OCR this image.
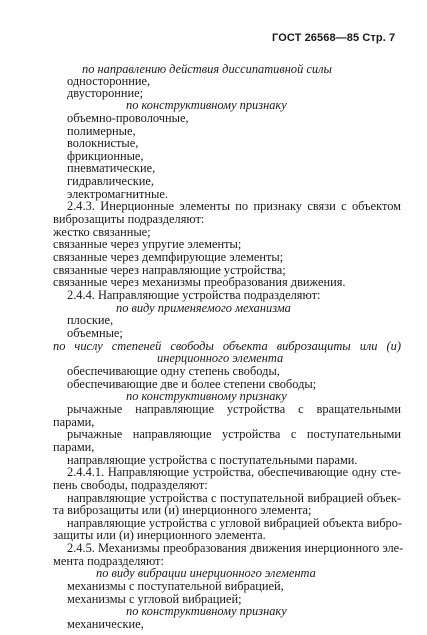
ГОСТ 26568—85 Стр. 7
по направлению действия диссипативной силы
односторонние,
двусторонние;
по конструктивному признаку
объемно-проволочные,
полимерные,
волокнистые,
фрикционные,
пневматические,
гидравлические,
электромагнитные.
2.4.3. Инерционные элементы по признаку связи с объектом
виброзащиты подразделяют:
жестко связанные;
связанные через упругие элементы;
связанные через демпфирующие элементы;
связанные через направляющие устройства;
связанные через механизмы преобразования движения.
2.4.4. Направляющие устройства подразделяют:
по виду применяемого механизма
плоские,
объемные;
по числу степеней свободы объекта виброзащиты или (и)
инерционного элемента
обеспечивающие одну степень свободы,
обеспечивающие две и более степени свободы;
по конструктивному признаку
рычажные направляющие устройства с вращательными
парами,
рычажные направляющие устройства с поступательными
парами,
направляющие устройства с поступательными парами.
2.4.4.1. Направляющие устройства, обеспечивающие одну сте-
пень свободы, подразделяют:
направляющие устройства с поступательной вибрацией объек-
та виброзащиты или (и) инерционного элемента;
направляющие устройства с угловой вибрацией объекта вибро-
защиты или (и) инерционного элемента.
2.4.5. Механизмы преобразования движения инерционного эле-
мента подразделяют:
по виду вибрации инерционного элемента
механизмы с поступательной вибрацией,
механизмы с угловой вибрацией;
по конструктивному признаку
механические,
